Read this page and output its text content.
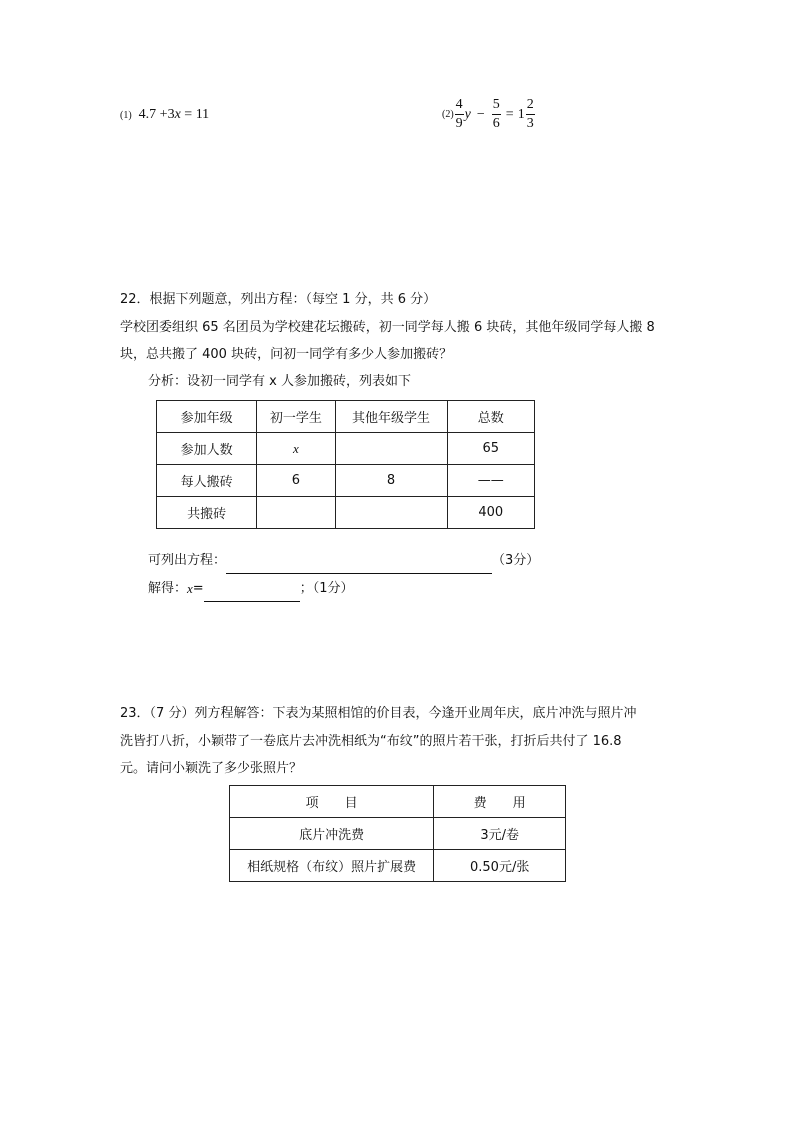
(1) 4.7 +3x = 11	$(2) \frac{4}{9}$ $y - \frac{5}{6} = 1 \frac{2}{3}$
22．根据下列题意，列出方程：（每空 1 分，共 6 分）
学校团委组织 65 名团员为学校建花坛搬砖，初一同学每人搬 6 块砖，其他年级同学每人搬 8
块，总共搬了 400 块砖，问初一同学有多少人参加搬砖？
分析：设初一同学有 x 人参加搬砖，列表如下
参加年级	初一学生	其他年级学生	总数
参加人数	x		65
每人搬砖	6	8	——
共搬砖			400
可列出方程：	（3分）
解得： x =	；（1分）
23．（7 分）列方程解答：下表为某照相馆的价目表，今逢开业周年庆，底片冲洗与照片冲
洗皆打八折，小颖带了一卷底片去冲洗相纸为“布纹”的照片若干张，打折后共付了 16.8
元。请问小颖洗了多少张照片？
项　　目	费　　用
底片冲洗费	3元/卷
相纸规格（布纹）照片扩展费	0.50元/张
